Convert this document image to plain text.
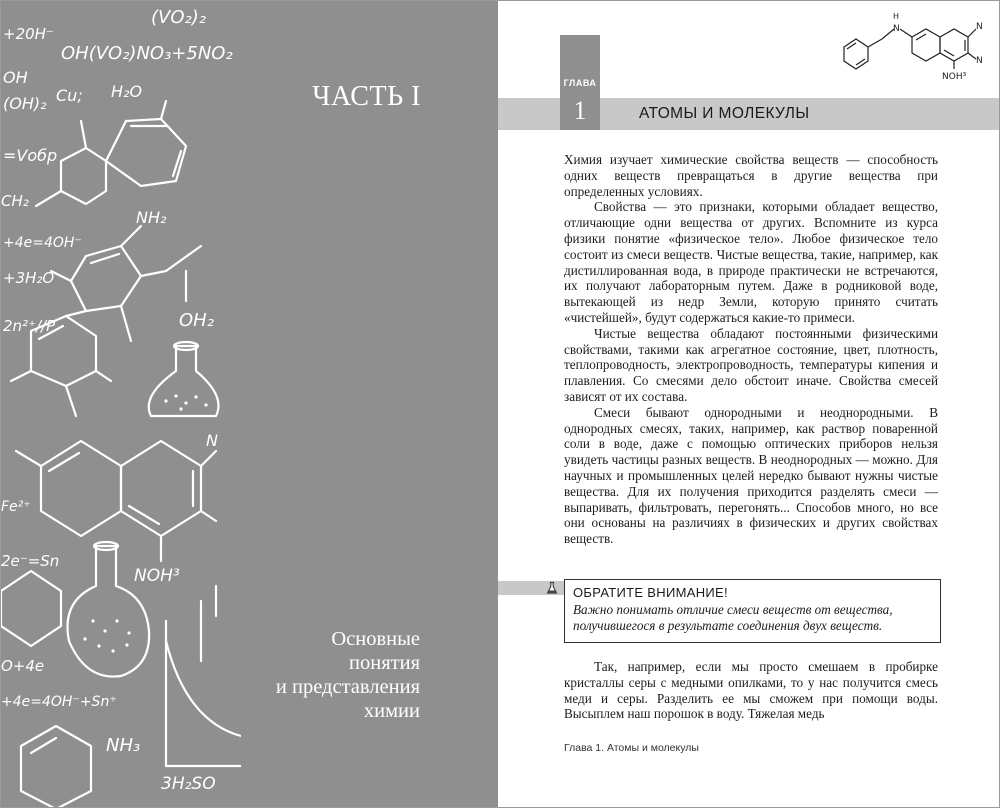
(VO₂)₂
+20H⁻
OH(VO₂)NO₃+5NO₂
OH
(OH)₂ Cu; H₂O
=Vобр
CH₂
NH₂
+4e=4OH⁻
+3H₂O
OH₂
2n²⁺//P
Fe²⁺
N
NOH³
2e⁻=Sn
O+4e
+4e=4OH⁻+Sn⁺
NH₃
3H₂SO
ЧАСТЬ I
Основные
понятия
и представления
химии
ГЛАВА
1	АТОМЫ И МОЛЕКУЛЫ
H
N	N
N
NOH³

Химия изучает химические свойства веществ — способность одних веществ превращаться в другие вещества при определенных условиях.

Свойства — это признаки, которыми обладает вещество, отличающие одни вещества от других. Вспомните из курса физики понятие «физическое тело». Любое физическое тело состоит из смеси веществ. Чистые вещества, такие, например, как дистиллированная вода, в природе практически не встречаются, их получают лабораторным путем. Даже в родниковой воде, вытекающей из недр Земли, которую принято считать «чистейшей», будут содержаться какие-то примеси.

Чистые вещества обладают постоянными физическими свойствами, такими как агрегатное состояние, цвет, плотность, теплопроводность, электропроводность, температуры кипения и плавления. Со смесями дело обстоит иначе. Свойства смесей зависят от их состава.

Смеси бывают однородными и неоднородными. В однородных смесях, таких, например, как раствор поваренной соли в воде, даже с помощью оптических приборов нельзя увидеть частицы разных веществ. В неоднородных — можно. Для научных и промышленных целей нередко бывают нужны чистые вещества. Для их получения приходится разделять смеси — выпаривать, фильтровать, перегонять... Способов много, но все они основаны на различиях в физических и других свойствах веществ.

ОБРАТИТЕ ВНИМАНИЕ!
Важно понимать отличие смеси веществ от вещества,
получившегося в результате соединения двух веществ.

Так, например, если мы просто смешаем в пробирке кристаллы серы с медными опилками, то у нас получится смесь меди и серы. Разделить ее мы сможем при помощи воды. Высыплем наш порошок в воду. Тяжелая медь

Глава 1. Атомы и молекулы
